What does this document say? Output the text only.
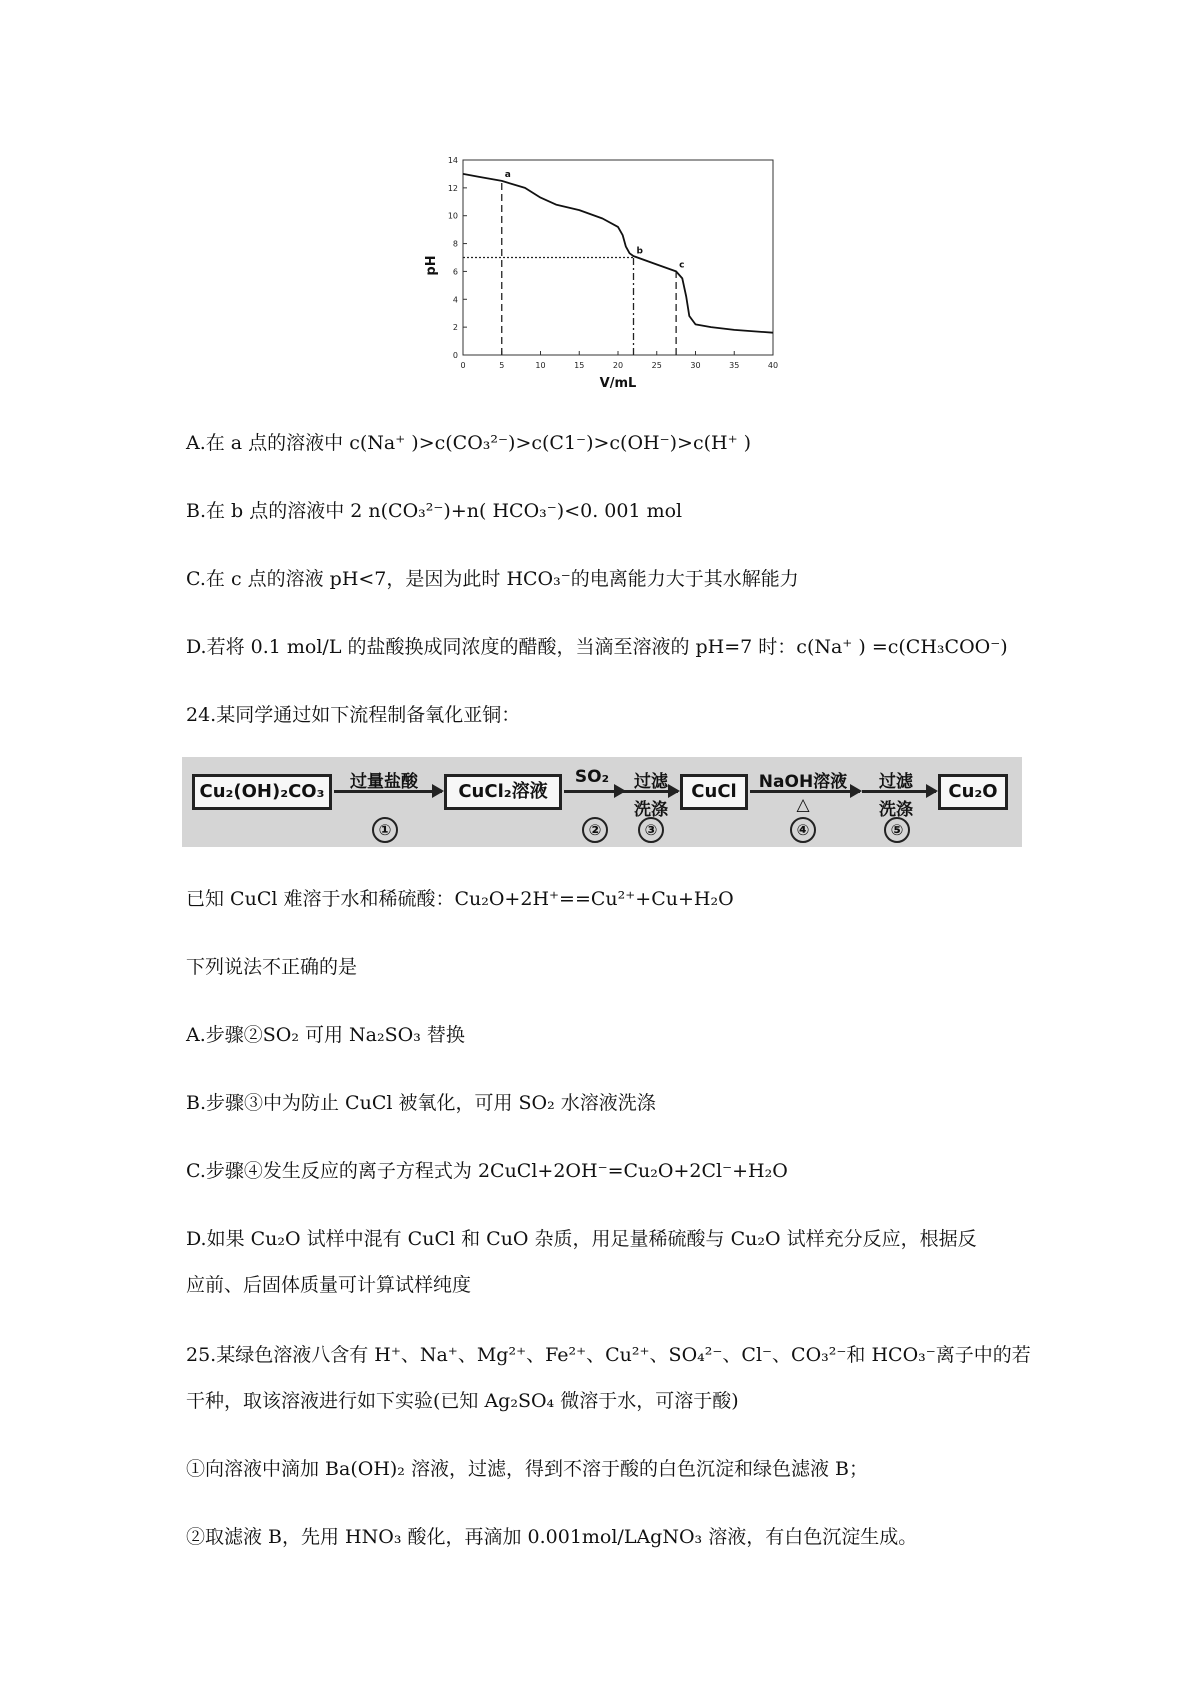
0	5	10	15	20	25	30	35	40
0
2
4
6
8
10
12
14
V/mL
pH
a
b
c
A.在 a 点的溶液中 c(Na⁺ )>c(CO₃²⁻)>c(C1⁻)>c(OH⁻)>c(H⁺ )
B.在 b 点的溶液中 2 n(CO₃²⁻)+n( HCO₃⁻)<0. 001 mol
C.在 c 点的溶液 pH<7，是因为此时 HCO₃⁻的电离能力大于其水解能力
D.若将 0.1 mol/L 的盐酸换成同浓度的醋酸，当滴至溶液的 pH=7 时：c(Na⁺ ) =c(CH₃COO⁻)
24.某同学通过如下流程制备氧化亚铜：
Cu₂(OH)₂CO₃	过量盐酸
①
CuCl₂溶液
SO₂
②
过滤
洗涤
③
CuCl	NaOH溶液
△
④
过滤
洗涤
⑤
Cu₂O
已知 CuCl 难溶于水和稀硫酸：Cu₂O+2H⁺==Cu²⁺+Cu+H₂O
下列说法不正确的是
A.步骤②SO₂ 可用 Na₂SO₃ 替换
B.步骤③中为防止 CuCl 被氧化，可用 SO₂ 水溶液洗涤
C.步骤④发生反应的离子方程式为 2CuCl+2OH⁻=Cu₂O+2Cl⁻+H₂O
D.如果 Cu₂O 试样中混有 CuCl 和 CuO 杂质，用足量稀硫酸与 Cu₂O 试样充分反应，根据反
应前、后固体质量可计算试样纯度
25.某绿色溶液八含有 H⁺、Na⁺、Mg²⁺、Fe²⁺、Cu²⁺、SO₄²⁻、Cl⁻、CO₃²⁻和 HCO₃⁻离子中的若
干种，取该溶液进行如下实验(已知 Ag₂SO₄ 微溶于水，可溶于酸)
①向溶液中滴加 Ba(OH)₂ 溶液，过滤，得到不溶于酸的白色沉淀和绿色滤液 B；
②取滤液 B，先用 HNO₃ 酸化，再滴加 0.001mol/LAgNO₃ 溶液，有白色沉淀生成。
